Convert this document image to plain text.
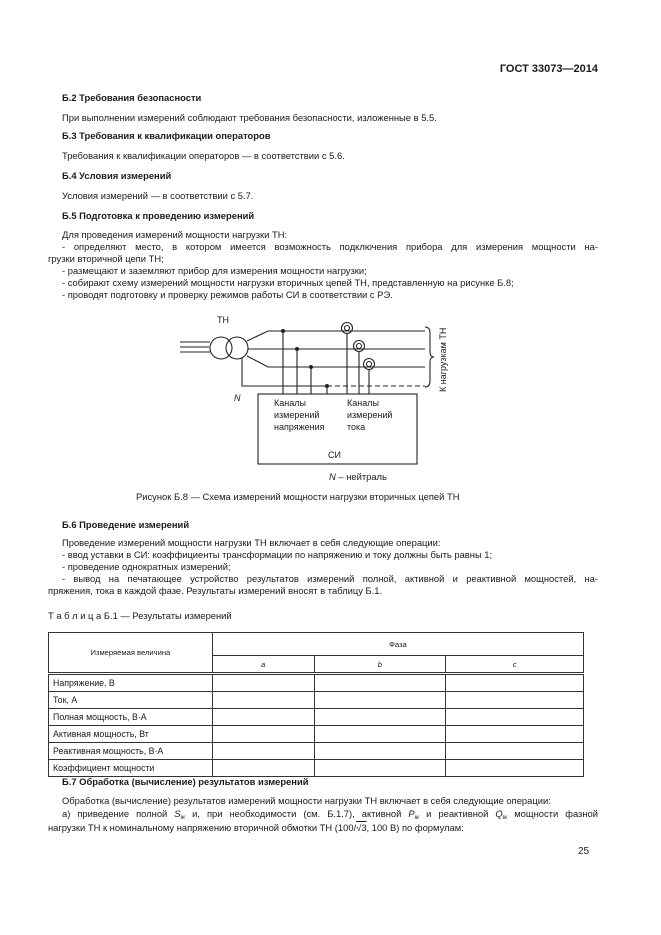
ГОСТ 33073—2014
Б.2 Требования безопасности
При выполнении измерений соблюдают требования безопасности, изложенные в 5.5.
Б.3 Требования к квалификации операторов
Требования к квалификации операторов — в соответствии с 5.6.
Б.4 Условия измерений
Условия измерений — в соответствии с 5.7.
Б.5 Подготовка к проведению измерений
Для проведения измерений мощности нагрузки ТН:
- определяют место, в котором имеется возможность подключения прибора для измерения мощности на-
грузки вторичной цепи ТН;
- размещают и заземляют прибор для измерения мощности нагрузки;
- собирают схему измерений мощности нагрузки вторичных цепей ТН, представленную на рисунке Б.8;
- проводят подготовку и проверку режимов работы СИ в соответствии с РЭ.
ТН
N
К нагрузкам ТН
Каналы
измерений
напряжения
Каналы
измерений
тока
СИ
N – нейтраль
Рисунок Б.8 — Схема измерений мощности нагрузки вторичных цепей ТН
Б.6 Проведение измерений
Проведение измерений мощности нагрузки ТН включает в себя следующие операции:
- ввод уставки в СИ: коэффициенты трансформации по напряжению и току должны быть равны 1;
- проведение однократных измерений;
- вывод на печатающее устройство результатов измерений полной, активной и реактивной мощностей, на-
пряжения, тока в каждой фазе. Результаты измерений вносят в таблицу Б.1.
Т а б л и ц а Б.1 — Результаты измерений
Измеряемая величина	Фаза		
	a	b	c
Напряжение, В			
Ток, А			
Полная мощность, В·А			
Активная мощность, Вт			
Реактивная мощность, В·А			
Коэффициент мощности			
Б.7 Обработка (вычисление) результатов измерений
Обработка (вычисление) результатов измерений мощности нагрузки ТН включает в себя следующие операции:
а) приведение полной $S_{iк}$ и, при необходимости (см. Б.1.7), активной $P_{iк}$ и реактивной $Q_{iк}$ мощности фазной
нагрузки ТН к номинальному напряжению вторичной обмотки ТН (100/√3, 100 В) по формулам:
25
